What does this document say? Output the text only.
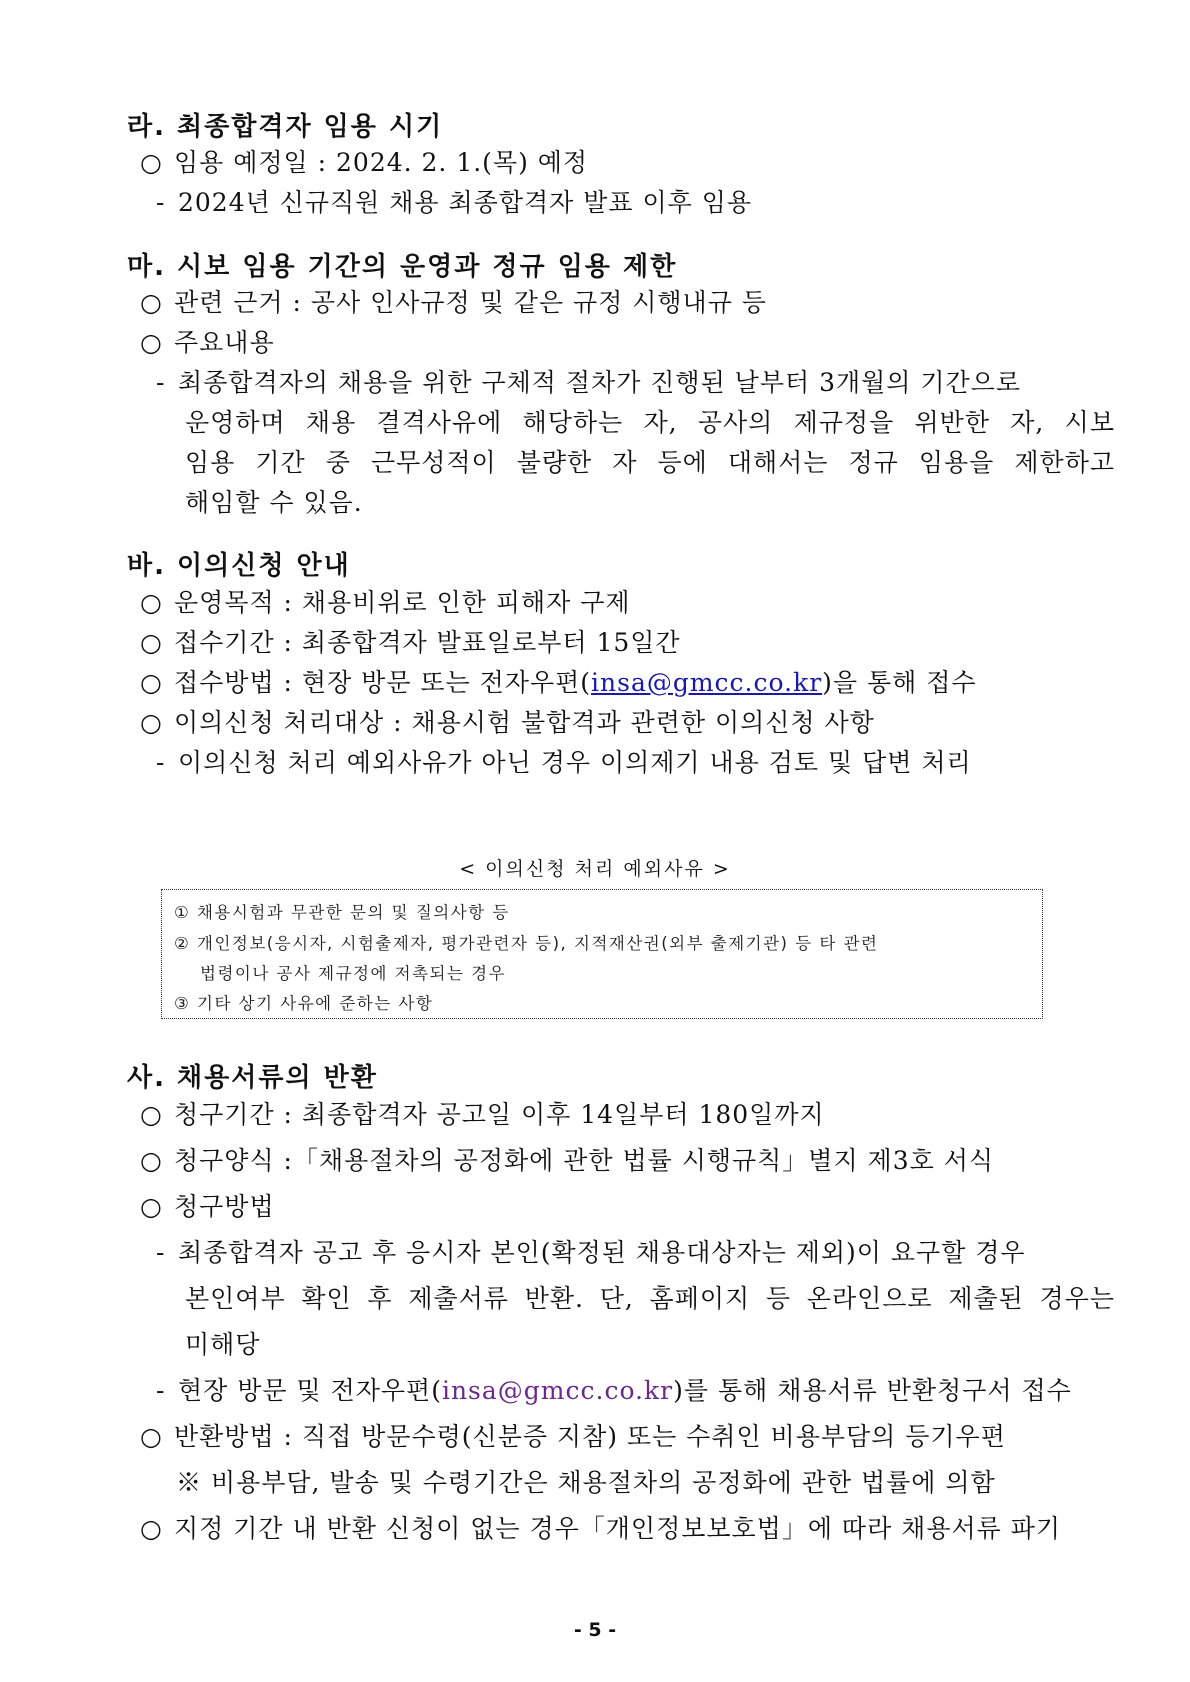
라. 최종합격자 임용 시기
○ 임용 예정일 : 2024. 2. 1.(목) 예정
- 2024년 신규직원 채용 최종합격자 발표 이후 임용
마. 시보 임용 기간의 운영과 정규 임용 제한
○ 관련 근거 : 공사 인사규정 및 같은 규정 시행내규 등
○ 주요내용
- 최종합격자의 채용을 위한 구체적 절차가 진행된 날부터 3개월의 기간으로
운영하며 채용 결격사유에 해당하는 자, 공사의 제규정을 위반한 자, 시보
임용 기간 중 근무성적이 불량한 자 등에 대해서는 정규 임용을 제한하고
해임할 수 있음.
바. 이의신청 안내
○ 운영목적 : 채용비위로 인한 피해자 구제
○ 접수기간 : 최종합격자 발표일로부터 15일간
○ 접수방법 : 현장 방문 또는 전자우편(insa@gmcc.co.kr)을 통해 접수
○ 이의신청 처리대상 : 채용시험 불합격과 관련한 이의신청 사항
- 이의신청 처리 예외사유가 아닌 경우 이의제기 내용 검토 및 답변 처리
< 이의신청 처리 예외사유 >
① 채용시험과 무관한 문의 및 질의사항 등
② 개인정보(응시자, 시험출제자, 평가관련자 등), 지적재산권(외부 출제기관) 등 타 관련
법령이나 공사 제규정에 저촉되는 경우
③ 기타 상기 사유에 준하는 사항
사. 채용서류의 반환
○ 청구기간 : 최종합격자 공고일 이후 14일부터 180일까지
○ 청구양식 :「채용절차의 공정화에 관한 법률 시행규칙」별지 제3호 서식
○ 청구방법
- 최종합격자 공고 후 응시자 본인(확정된 채용대상자는 제외)이 요구할 경우
본인여부 확인 후 제출서류 반환. 단, 홈페이지 등 온라인으로 제출된 경우는
미해당
- 현장 방문 및 전자우편(insa@gmcc.co.kr)를 통해 채용서류 반환청구서 접수
○ 반환방법 : 직접 방문수령(신분증 지참) 또는 수취인 비용부담의 등기우편
※ 비용부담, 발송 및 수령기간은 채용절차의 공정화에 관한 법률에 의함
○ 지정 기간 내 반환 신청이 없는 경우「개인정보보호법」에 따라 채용서류 파기
- 5 -
